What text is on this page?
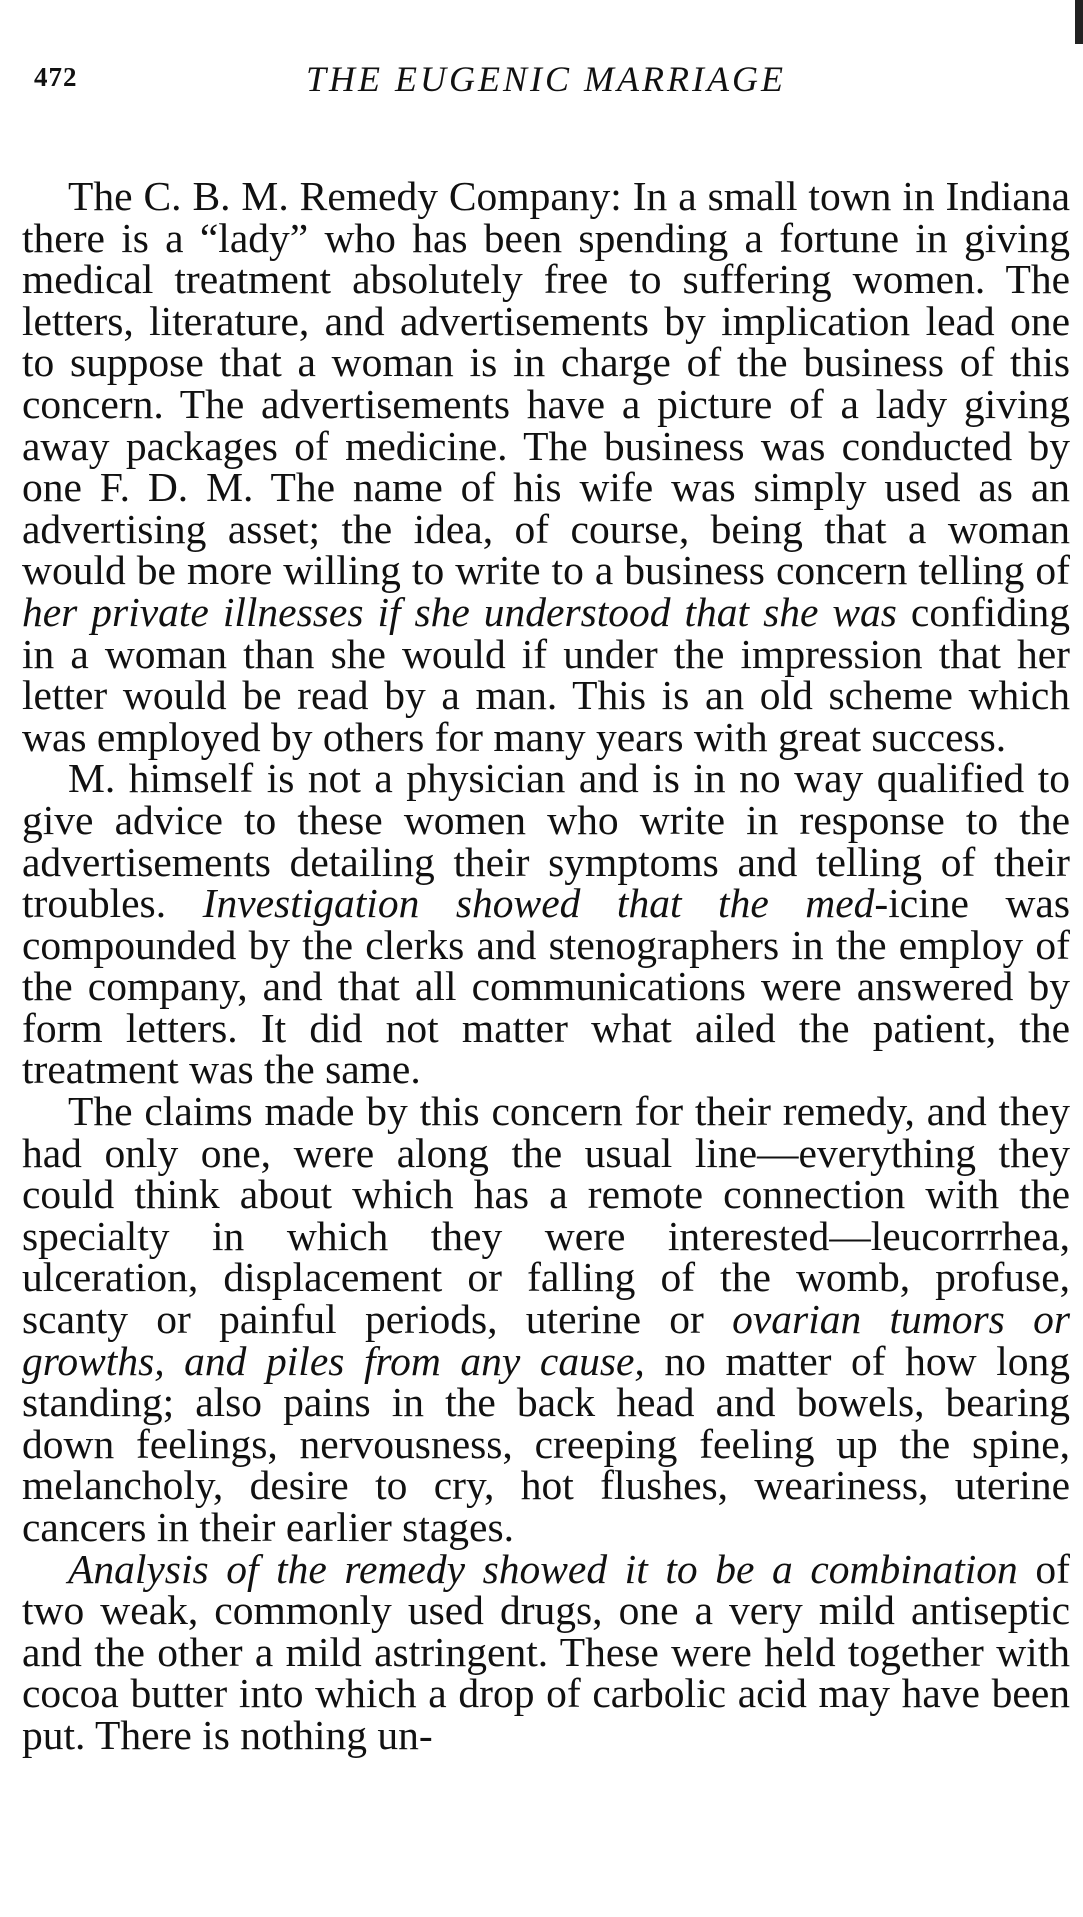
472	THE EUGENIC MARRIAGE

The C. B. M. Remedy Company: In a small town in Indiana there is a “lady” who has been spending a fortune in giving medical treatment absolutely free to suffering women. The letters, literature, and advertisements by implication lead one to suppose that a woman is in charge of the business of this concern. The advertisements have a picture of a lady giving away packages of medicine. The business was conducted by one F. D. M. The name of his wife was simply used as an advertising asset; the idea, of course, being that a woman would be more willing to write to a business concern telling of her private illnesses if she understood that she was confiding in a woman than she would if under the impression that her letter would be read by a man. This is an old scheme which was employed by others for many years with great success.

M. himself is not a physician and is in no way qualified to give advice to these women who write in response to the advertisements detailing their symptoms and telling of their troubles. Investigation showed that the med-icine was compounded by the clerks and stenographers in the employ of the company, and that all communications were answered by form letters. It did not matter what ailed the patient, the treatment was the same.

The claims made by this concern for their remedy, and they had only one, were along the usual line—everything they could think about which has a remote connection with the specialty in which they were interested—leucorrrhea, ulceration, displacement or falling of the womb, profuse, scanty or painful periods, uterine or ovarian tumors or growths, and piles from any cause, no matter of how long standing; also pains in the back head and bowels, bearing down feelings, nervousness, creeping feeling up the spine, melancholy, desire to cry, hot flushes, weariness, uterine cancers in their earlier stages.

Analysis of the remedy showed it to be a combination of two weak, commonly used drugs, one a very mild antiseptic and the other a mild astringent. These were held together with cocoa butter into which a drop of carbolic acid may have been put. There is nothing un-
